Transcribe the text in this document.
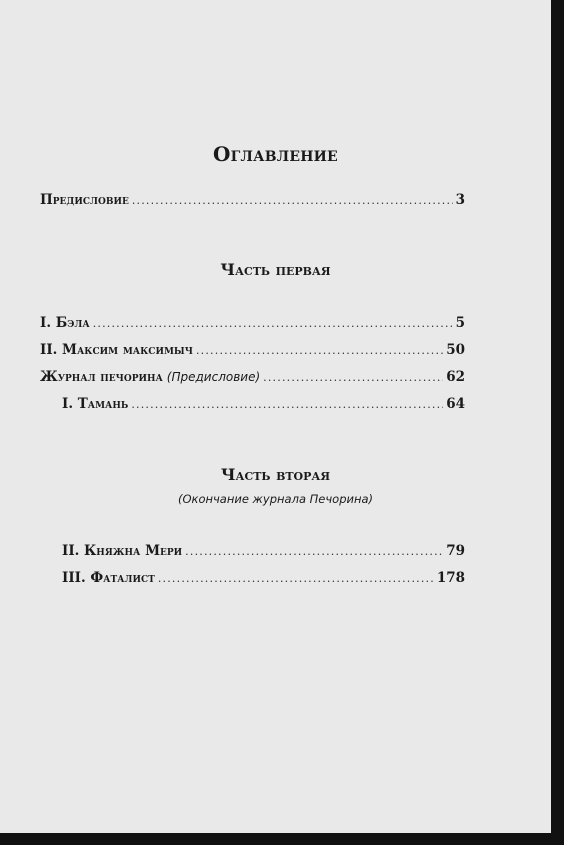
Оглавление
Предисловие .....	3
Часть первая
I. Бэла .....	5
II. Максим максимыч .....	50
Журнал печорина (Предисловие) .....	62
I. Тамань .....	64
Часть вторая
(Окончание журнала Печорина)
II. Княжна Мери .....	79
III. Фаталист .....	178
